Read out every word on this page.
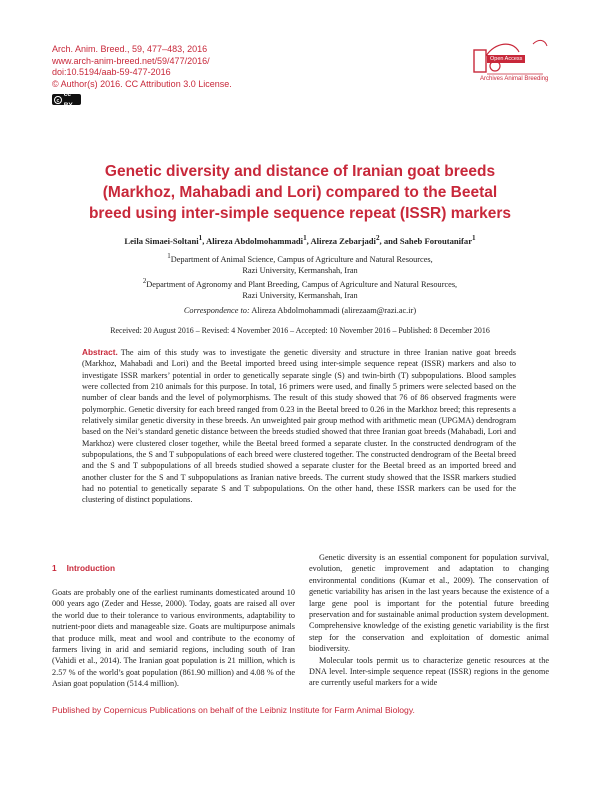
Arch. Anim. Breed., 59, 477–483, 2016
www.arch-anim-breed.net/59/477/2016/
doi:10.5194/aab-59-477-2016
© Author(s) 2016. CC Attribution 3.0 License.
c
cc BY
Open Access
Archives Animal Breeding
Genetic diversity and distance of Iranian goat breeds
(Markhoz, Mahabadi and Lori) compared to the Beetal
breed using inter-simple sequence repeat (ISSR) markers
Leila Simaei-Soltani$^1$, Alireza Abdolmohammadi$^1$, Alireza Zebarjadi$^2$, and Saheb Foroutanifar$^1$
$^1$Department of Animal Science, Campus of Agriculture and Natural Resources,
Razi University, Kermanshah, Iran
$^2$Department of Agronomy and Plant Breeding, Campus of Agriculture and Natural Resources,
Razi University, Kermanshah, Iran
Correspondence to: Alireza Abdolmohammadi (alirezaam@razi.ac.ir)
Received: 20 August 2016 – Revised: 4 November 2016 – Accepted: 10 November 2016 – Published: 8 December 2016
Abstract. The aim of this study was to investigate the genetic diversity and structure in three Iranian native goat breeds (Markhoz, Mahabadi and Lori) and the Beetal imported breed using inter-simple sequence repeat (ISSR) markers and also to investigate ISSR markers’ potential in order to genetically separate single (S) and twin-birth (T) subpopulations. Blood samples were collected from 210 animals for this purpose. In total, 16 primers were used, and finally 5 primers were selected based on the number of clear bands and the level of polymorphisms. The result of this study showed that 76 of 86 observed fragments were polymorphic. Genetic diversity for each breed ranged from 0.23 in the Beetal breed to 0.26 in the Markhoz breed; this represents a relatively similar genetic diversity in these breeds. An unweighted pair group method with arithmetic mean (UPGMA) dendrogram based on the Nei’s standard genetic distance between the breeds studied showed that three Iranian goat breeds (Mahabadi, Lori and Markhoz) were clustered closer together, while the Beetal breed formed a separate cluster. In the constructed dendrogram of the subpopulations, the S and T subpopulations of each breed were clustered together. The constructed dendrogram of the Beetal breed and the S and T subpopulations of all breeds studied showed a separate cluster for the Beetal breed as an imported breed and another cluster for the S and T subpopulations as Iranian native breeds. The current study showed that the ISSR markers studied had no potential to genetically separate S and T subpopulations. On the other hand, these ISSR markers can be used for the clustering of distinct populations.
1 Introduction

Goats are probably one of the earliest ruminants domesticated around 10 000 years ago (Zeder and Hesse, 2000). Today, goats are raised all over the world due to their tolerance to various environments, adaptability to nutrient-poor diets and manageable size. Goats are multipurpose animals that produce milk, meat and wool and contribute to the economy of farmers living in arid and semiarid regions, including south of Iran (Vahidi et al., 2014). The Iranian goat population is 21 million, which is 2.57 % of the world’s goat population (861.90 million) and 4.08 % of the Asian goat population (514.4 million).

Genetic diversity is an essential component for population survival, evolution, genetic improvement and adaptation to changing environmental conditions (Kumar et al., 2009). The conservation of genetic variability has arisen in the last years because the existence of a large gene pool is important for the potential future breeding preservation and for sustainable animal production system development. Comprehensive knowledge of the existing genetic variability is the first step for the conservation and exploitation of domestic animal biodiversity.

Molecular tools permit us to characterize genetic resources at the DNA level. Inter-simple sequence repeat (ISSR) regions in the genome are currently useful markers for a wide

Published by Copernicus Publications on behalf of the Leibniz Institute for Farm Animal Biology.
